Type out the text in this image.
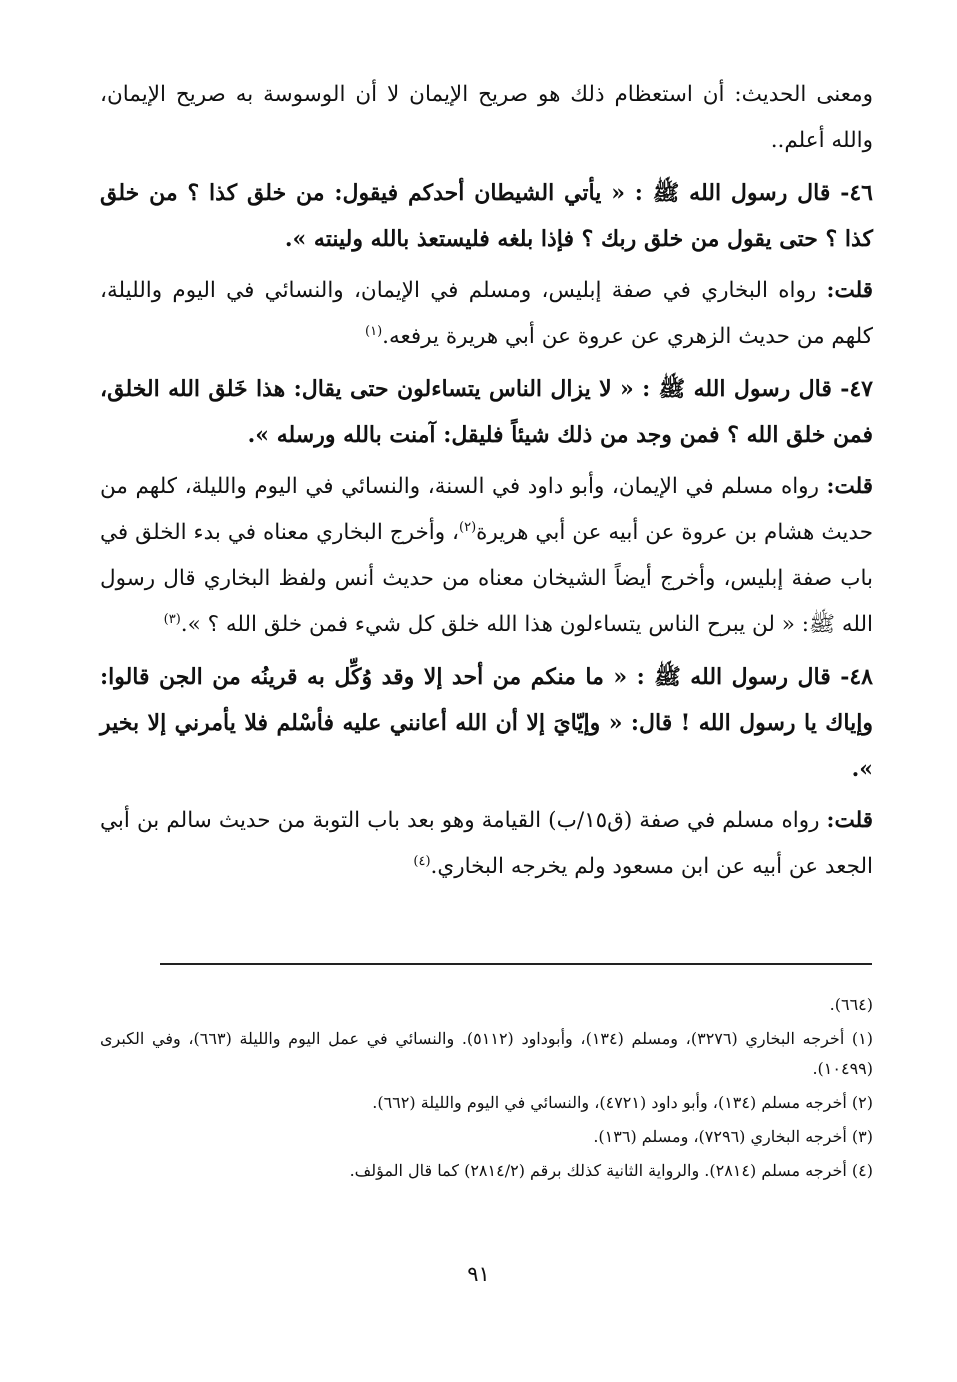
ومعنى الحديث: أن استعظام ذلك هو صريح الإيمان لا أن الوسوسة به صريح الإيمان، والله أعلم..

٤٦- قال رسول الله ﷺ : « يأتي الشيطان أحدكم فيقول: من خلق كذا ؟ من خلق كذا ؟ حتى يقول من خلق ربك ؟ فإذا بلغه فليستعذ بالله ولينته ».

قلت: رواه البخاري في صفة إبليس، ومسلم في الإيمان، والنسائي في اليوم والليلة، كلهم من حديث الزهري عن عروة عن أبي هريرة يرفعه.$^{(١)}$

٤٧- قال رسول الله ﷺ : « لا يزال الناس يتساءلون حتى يقال: هذا خَلق الله الخلق، فمن خلق الله ؟ فمن وجد من ذلك شيئاً فليقل: آمنت بالله ورسله ».

قلت: رواه مسلم في الإيمان، وأبو داود في السنة، والنسائي في اليوم والليلة، كلهم من حديث هشام بن عروة عن أبيه عن أبي هريرة$^{(٢)}$، وأخرج البخاري معناه في بدء الخلق في باب صفة إبليس، وأخرج أيضاً الشيخان معناه من حديث أنس ولفظ البخاري قال رسول الله ﷺ: « لن يبرح الناس يتساءلون هذا الله خلق كل شيء فمن خلق الله ؟ ».$^{(٣)}$

٤٨- قال رسول الله ﷺ : « ما منكم من أحد إلا وقد وُكِّل به قرينُه من الجن قالوا: وإياك يا رسول الله ! قال: « وإيّايَ إلا أن الله أعانني عليه فأسْلم فلا يأمرني إلا بخير ».

قلت: رواه مسلم في صفة (ق١٥/ب) القيامة وهو بعد باب التوبة من حديث سالم بن أبي الجعد عن أبيه عن ابن مسعود ولم يخرجه البخاري.$^{(٤)}$

(٦٦٤).

(١) أخرجه البخاري (٣٢٧٦)، ومسلم (١٣٤)، وأبوداود (٥١١٢). والنسائي في عمل اليوم والليلة (٦٦٣)، وفي الكبرى (١٠٤٩٩).

(٢) أخرجه مسلم (١٣٤)، وأبو داود (٤٧٢١)، والنسائي في اليوم والليلة (٦٦٢).

(٣) أخرجه البخاري (٧٢٩٦)، ومسلم (١٣٦).

(٤) أخرجه مسلم (٢٨١٤). والرواية الثانية كذلك برقم (٢٨١٤/٢) كما قال المؤلف.

٩١
